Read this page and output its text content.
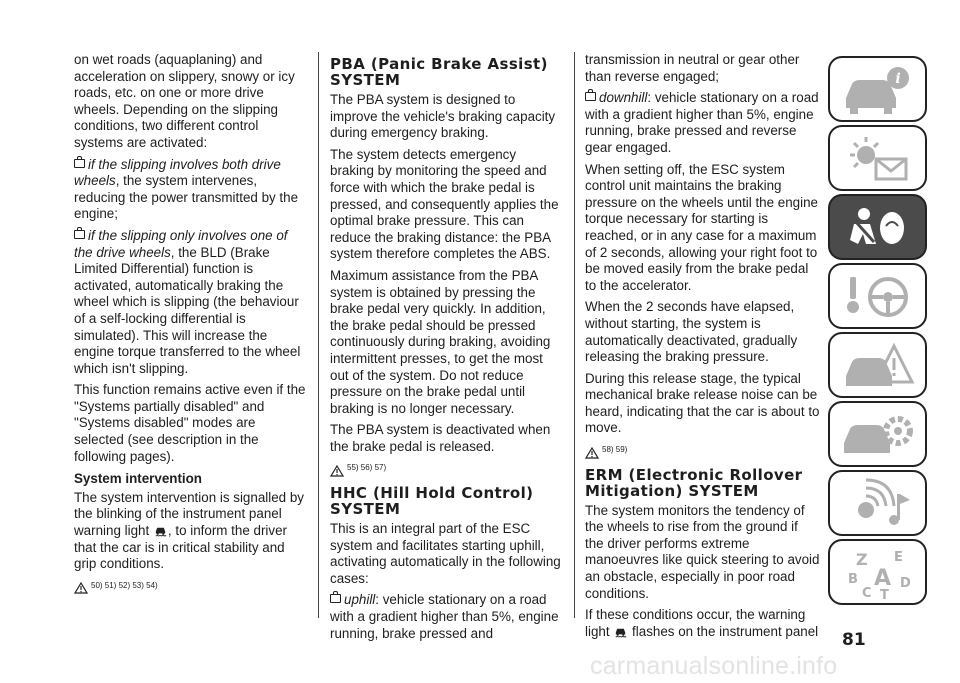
on wet roads (aquaplaning) and acceleration on slippery, snowy or icy roads, etc. on one or more drive wheels. Depending on the slipping conditions, two different control systems are activated:

if the slipping involves both drive wheels, the system intervenes, reducing the power transmitted by the engine;

if the slipping only involves one of the drive wheels, the BLD (Brake Limited Differential) function is activated, automatically braking the wheel which is slipping (the behaviour of a self-locking differential is simulated). This will increase the engine torque transferred to the wheel which isn't slipping.

This function remains active even if the "Systems partially disabled" and "Systems disabled" modes are selected (see description in the following pages).

System intervention

The system intervention is signalled by the blinking of the instrument panel warning light , to inform the driver that the car is in critical stability and grip conditions.

50) 51) 52) 53) 54)
PBA (Panic Brake Assist) SYSTEM

The PBA system is designed to improve the vehicle's braking capacity during emergency braking.

The system detects emergency braking by monitoring the speed and force with which the brake pedal is pressed, and consequently applies the optimal brake pressure. This can reduce the braking distance: the PBA system therefore completes the ABS.

Maximum assistance from the PBA system is obtained by pressing the brake pedal very quickly. In addition, the brake pedal should be pressed continuously during braking, avoiding intermittent presses, to get the most out of the system. Do not reduce pressure on the brake pedal until braking is no longer necessary.

The PBA system is deactivated when the brake pedal is released.

55) 56) 57)
HHC (Hill Hold Control) SYSTEM

This is an integral part of the ESC system and facilitates starting uphill, activating automatically in the following cases:

uphill: vehicle stationary on a road with a gradient higher than 5%, engine running, brake pressed and

transmission in neutral or gear other than reverse engaged;

downhill: vehicle stationary on a road with a gradient higher than 5%, engine running, brake pressed and reverse gear engaged.

When setting off, the ESC system control unit maintains the braking pressure on the wheels until the engine torque necessary for starting is reached, or in any case for a maximum of 2 seconds, allowing your right foot to be moved easily from the brake pedal to the accelerator.

When the 2 seconds have elapsed, without starting, the system is automatically deactivated, gradually releasing the braking pressure.

During this release stage, the typical mechanical brake release noise can be heard, indicating that the car is about to move.

58) 59)
ERM (Electronic Rollover Mitigation) SYSTEM

The system monitors the tendency of the wheels to rise from the ground if the driver performs extreme manoeuvres like quick steering to avoid an obstacle, especially in poor road conditions.

If these conditions occur, the warning light flashes on the instrument panel

i
Z E
B A
C T
D
81
carmanualsonline.info
